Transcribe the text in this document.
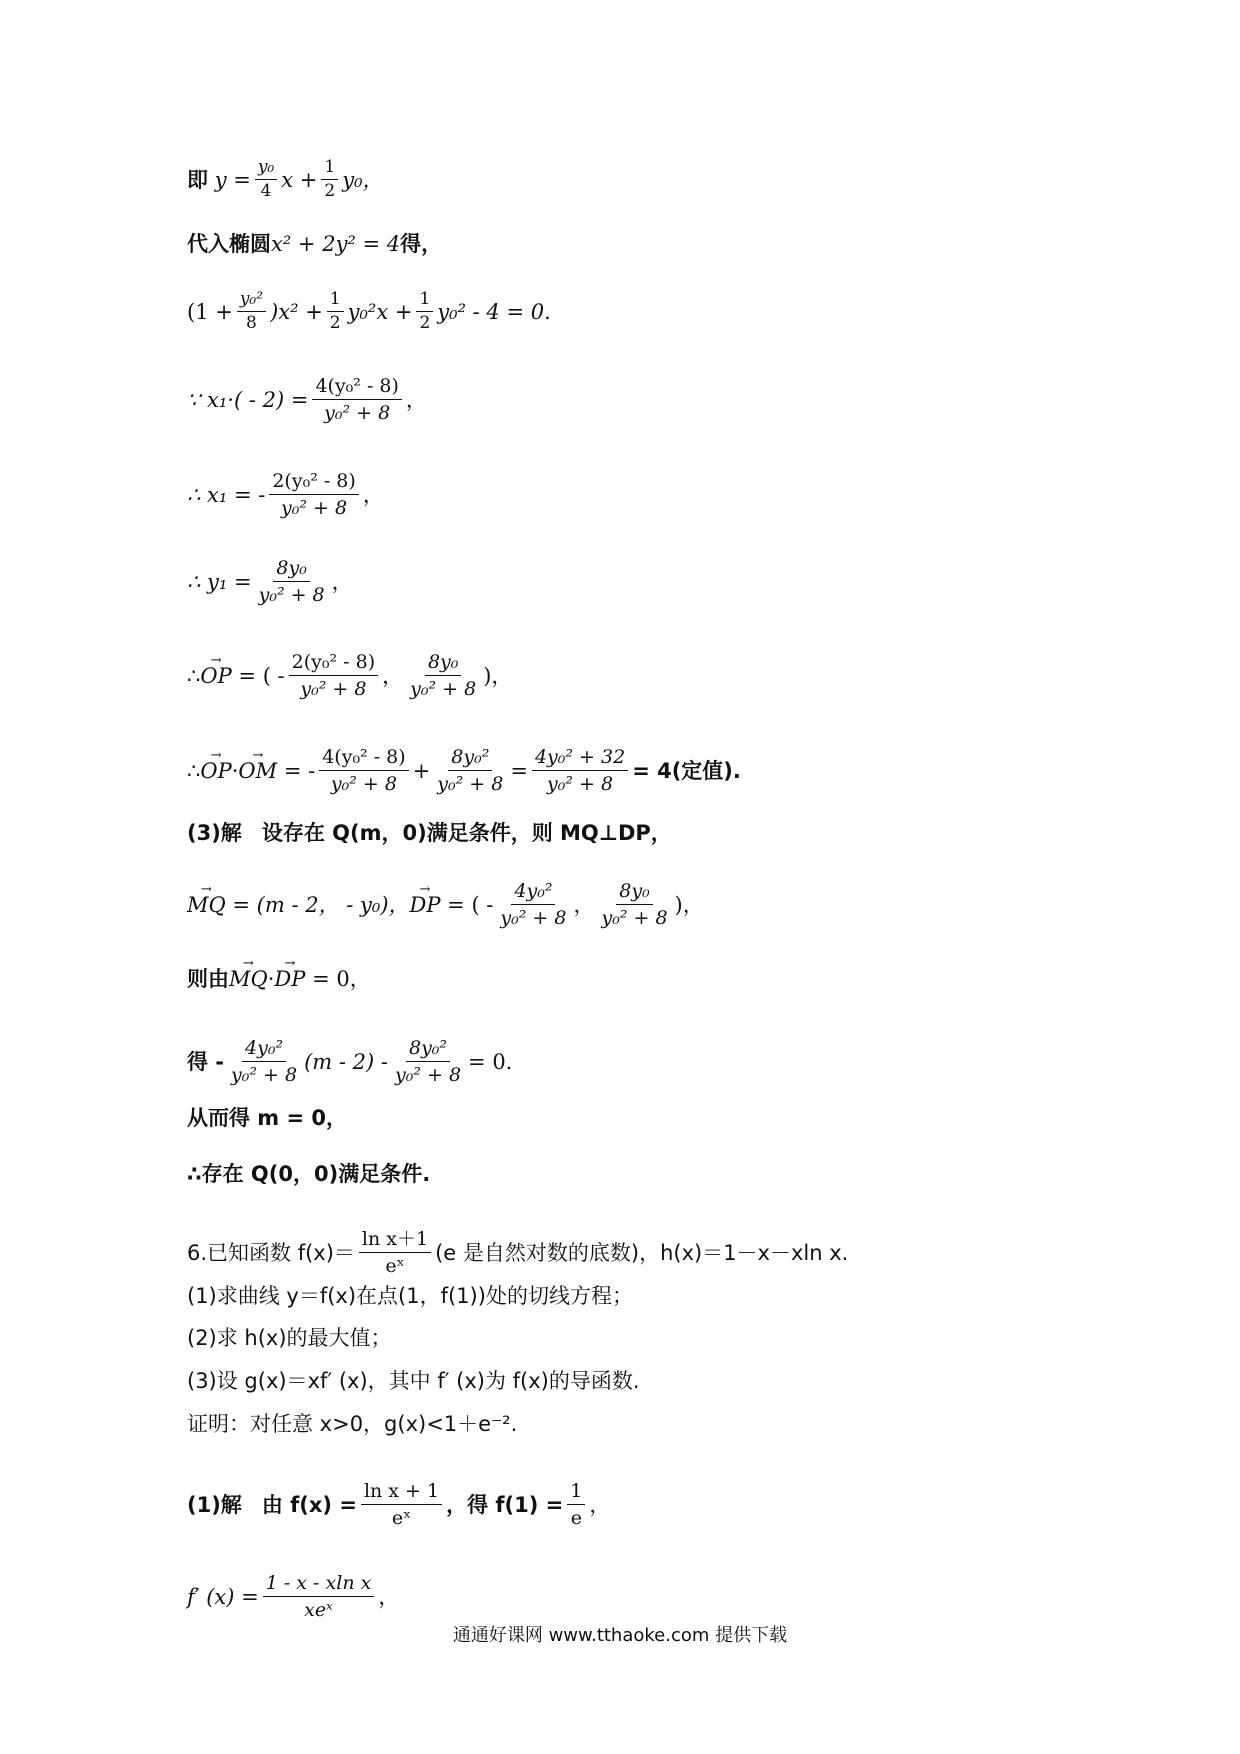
即
$y = \frac{\text{y₀}}{4}$ $x + \frac{1}{2} y_0$，
代入椭圆 x² + 2y² = 4 得，
$(1 + \frac{\text{y₀²}}{8} )x^2 + \frac{1}{2} y_0^2x + \frac{1}{2} y_0^2 - 4 = 0$.
∵ $x_1\cdot( - 2) = \frac{\text{4(y₀² - 8)}}{\text{y₀² + 8}}$ ，
∴ x₁ = - $\frac{\text{2(y₀² - 8)}}{\text{y₀² + 8}}$ ，
∴ $y_1 = \frac{\text{8y₀}}{\text{y₀² + 8}}$ ，
∴ → OP
= ( - $\frac{\text{2(y₀² - 8)}}{\text{y₀² + 8}}$ ， $\frac{\text{8y₀}}{\text{y₀² + 8}}$ )，
∴ → OP · → OM
= - $\frac{\text{4(y₀² - 8)}}{\text{y₀² + 8}} + \frac{\text{8y₀²}}{\text{y₀² + 8}} = \frac{\text{4y₀² + 32}}{\text{y₀² + 8}} = 4$(定值).
(3)解
设存在 Q(m，0)满足条件，则 MQ⊥DP，
→ MQ
= (m - 2， - y₀)， → DP
= ( - $\frac{\text{4y₀²}}{\text{y₀² + 8}}$ ， $\frac{\text{8y₀}}{\text{y₀² + 8}}$ )，
则由 → MQ · → DP
= 0，
得 - $\frac{\text{4y₀²}}{\text{y₀² + 8}} (m - 2) - \frac{\text{8y₀²}}{\text{y₀² + 8}} = 0$.
从而得 m = 0，
∴存在 Q(0，0)满足条件.
6.已知函数 $f(x)= \frac{\text{ln x＋1}}{\text{eˣ}} (e$ 是自然对数的底数)，h(x)＝1－x－xln x.
(1)求曲线 y＝f(x)在点(1，f(1))处的切线方程；
(2)求 h(x)的最大值；
(3)设 g(x)＝xf′ (x)，其中 f′ (x)为 f(x)的导函数.
证明：对任意 x>0，g(x)<1＋e⁻².
(1)解
由 $f(x) = \frac{\text{ln x + 1}}{\text{eˣ}}$ ，得 $f(1) = \frac{1}{e}$ ，
f′ $(x) = \frac{\text{1 - x - xln x}}{\text{xeˣ}}$ ，
通通好课网 www.tthaoke.com 提供下载
